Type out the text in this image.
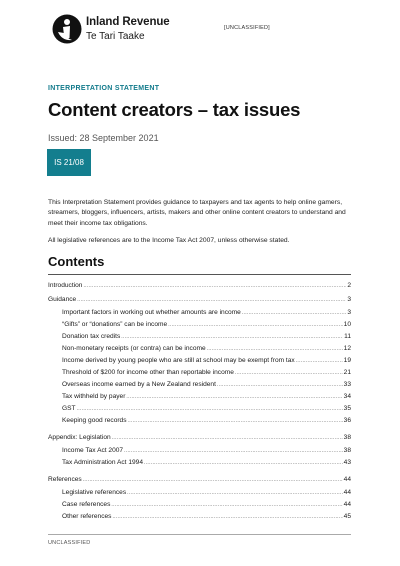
Inland Revenue
Te Tari Taake
[UNCLASSIFIED]
INTERPRETATION STATEMENT
Content creators – tax issues
Issued: 28 September 2021
IS 21/08
This Interpretation Statement provides guidance to taxpayers and tax agents to help online gamers, streamers, bloggers, influencers, artists, makers and other online content creators to understand and meet their income tax obligations.
All legislative references are to the Income Tax Act 2007, unless otherwise stated.
Contents
Introduction .....	2
Guidance .....	3
Important factors in working out whether amounts are income .....	3
“Gifts” or “donations” can be income .....	10
Donation tax credits .....	11
Non-monetary receipts (or contra) can be income .....	12
Income derived by young people who are still at school may be exempt from tax .....	19
Threshold of $200 for income other than reportable income .....	21
Overseas income earned by a New Zealand resident .....	33
Tax withheld by payer .....	34
GST .....	35
Keeping good records .....	36
Appendix: Legislation .....	38
Income Tax Act 2007 .....	38
Tax Administration Act 1994 .....	43
References .....	44
Legislative references .....	44
Case references .....	44
Other references .....	45
UNCLASSIFIED
